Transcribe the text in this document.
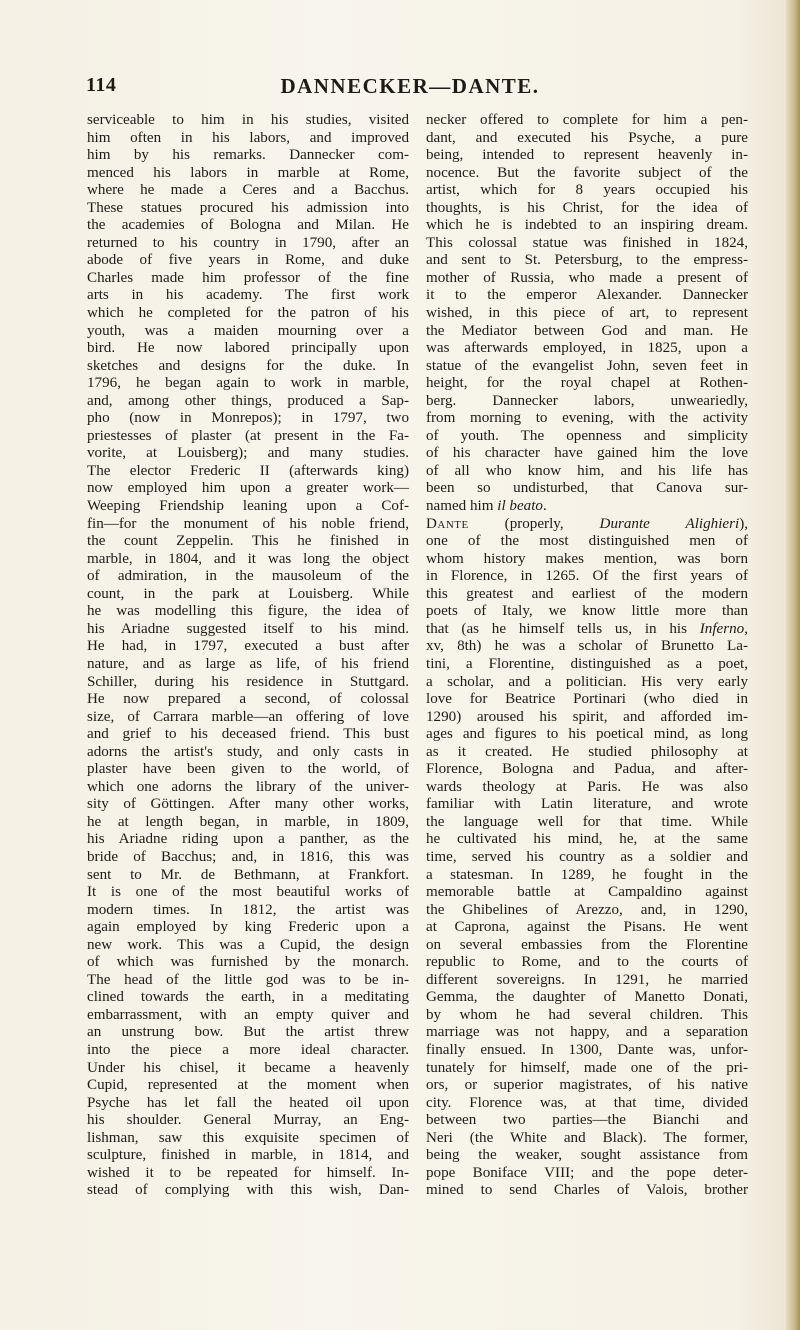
114	DANNECKER—DANTE.
serviceable to him in his studies, visited
him often in his labors, and improved
him by his remarks. Dannecker com-
menced his labors in marble at Rome,
where he made a Ceres and a Bacchus.
These statues procured his admission into
the academies of Bologna and Milan. He
returned to his country in 1790, after an
abode of five years in Rome, and duke
Charles made him professor of the fine
arts in his academy. The first work
which he completed for the patron of his
youth, was a maiden mourning over a
bird. He now labored principally upon
sketches and designs for the duke. In
1796, he began again to work in marble,
and, among other things, produced a Sap-
pho (now in Monrepos); in 1797, two
priestesses of plaster (at present in the Fa-
vorite, at Louisberg); and many studies.
The elector Frederic II (afterwards king)
now employed him upon a greater work—
Weeping Friendship leaning upon a Cof-
fin—for the monument of his noble friend,
the count Zeppelin. This he finished in
marble, in 1804, and it was long the object
of admiration, in the mausoleum of the
count, in the park at Louisberg. While
he was modelling this figure, the idea of
his Ariadne suggested itself to his mind.
He had, in 1797, executed a bust after
nature, and as large as life, of his friend
Schiller, during his residence in Stuttgard.
He now prepared a second, of colossal
size, of Carrara marble—an offering of love
and grief to his deceased friend. This bust
adorns the artist's study, and only casts in
plaster have been given to the world, of
which one adorns the library of the univer-
sity of Göttingen. After many other works,
he at length began, in marble, in 1809,
his Ariadne riding upon a panther, as the
bride of Bacchus; and, in 1816, this was
sent to Mr. de Bethmann, at Frankfort.
It is one of the most beautiful works of
modern times. In 1812, the artist was
again employed by king Frederic upon a
new work. This was a Cupid, the design
of which was furnished by the monarch.
The head of the little god was to be in-
clined towards the earth, in a meditating
embarrassment, with an empty quiver and
an unstrung bow. But the artist threw
into the piece a more ideal character.
Under his chisel, it became a heavenly
Cupid, represented at the moment when
Psyche has let fall the heated oil upon
his shoulder. General Murray, an Eng-
lishman, saw this exquisite specimen of
sculpture, finished in marble, in 1814, and
wished it to be repeated for himself. In-
stead of complying with this wish, Dan-
necker offered to complete for him a pen-
dant, and executed his Psyche, a pure
being, intended to represent heavenly in-
nocence. But the favorite subject of the
artist, which for 8 years occupied his
thoughts, is his Christ, for the idea of
which he is indebted to an inspiring dream.
This colossal statue was finished in 1824,
and sent to St. Petersburg, to the empress-
mother of Russia, who made a present of
it to the emperor Alexander. Dannecker
wished, in this piece of art, to represent
the Mediator between God and man. He
was afterwards employed, in 1825, upon a
statue of the evangelist John, seven feet in
height, for the royal chapel at Rothen-
berg. Dannecker labors, unweariedly,
from morning to evening, with the activity
of youth. The openness and simplicity
of his character have gained him the love
of all who know him, and his life has
been so undisturbed, that Canova sur-
named him il beato.
Dante (properly, Durante Alighieri),
one of the most distinguished men of
whom history makes mention, was born
in Florence, in 1265. Of the first years of
this greatest and earliest of the modern
poets of Italy, we know little more than
that (as he himself tells us, in his Inferno,
xv, 8th) he was a scholar of Brunetto La-
tini, a Florentine, distinguished as a poet,
a scholar, and a politician. His very early
love for Beatrice Portinari (who died in
1290) aroused his spirit, and afforded im-
ages and figures to his poetical mind, as long
as it created. He studied philosophy at
Florence, Bologna and Padua, and after-
wards theology at Paris. He was also
familiar with Latin literature, and wrote
the language well for that time. While
he cultivated his mind, he, at the same
time, served his country as a soldier and
a statesman. In 1289, he fought in the
memorable battle at Campaldino against
the Ghibelines of Arezzo, and, in 1290,
at Caprona, against the Pisans. He went
on several embassies from the Florentine
republic to Rome, and to the courts of
different sovereigns. In 1291, he married
Gemma, the daughter of Manetto Donati,
by whom he had several children. This
marriage was not happy, and a separation
finally ensued. In 1300, Dante was, unfor-
tunately for himself, made one of the pri-
ors, or superior magistrates, of his native
city. Florence was, at that time, divided
between two parties—the Bianchi and
Neri (the White and Black). The former,
being the weaker, sought assistance from
pope Boniface VIII; and the pope deter-
mined to send Charles of Valois, brother
